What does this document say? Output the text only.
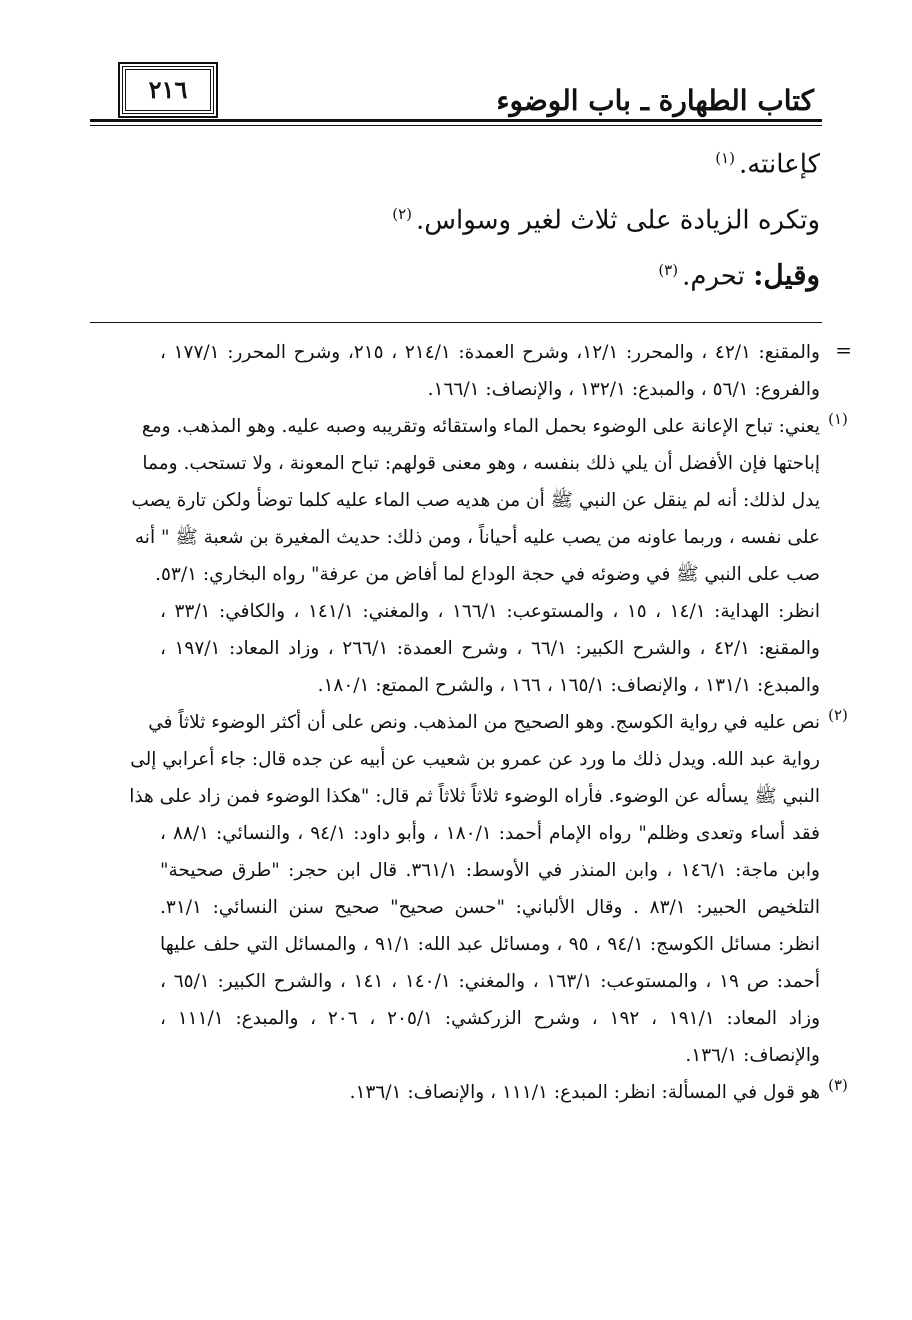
٢١٦	كتاب الطهارة ـ باب الوضوء
كإعانته.$^{(١)}$
وتكره الزيادة على ثلاث لغير وسواس.$^{(٢)}$
وقيل: تحرم.$^{(٣)}$
=
والمقنع: ٤٢/١ ، والمحرر: ١٢/١، وشرح العمدة: ٢١٤/١ ، ٢١٥، وشرح المحرر: ١٧٧/١ ،
والفروع: ٥٦/١ ، والمبدع: ١٣٢/١ ، والإنصاف: ١٦٦/١.
(١)
يعني: تباح الإعانة على الوضوء بحمل الماء واستقائه وتقريبه وصبه عليه. وهو المذهب. ومع
إباحتها فإن الأفضل أن يلي ذلك بنفسه ، وهو معنى قولهم: تباح المعونة ، ولا تستحب. ومما
يدل لذلك: أنه لم ينقل عن النبي ﷺ أن من هديه صب الماء عليه كلما توضأ ولكن تارة يصب
على نفسه ، وربما عاونه من يصب عليه أحياناً ، ومن ذلك: حديث المغيرة بن شعبة ﷺ " أنه
صب على النبي ﷺ في وضوئه في حجة الوداع لما أفاض من عرفة" رواه البخاري: ٥٣/١.
انظر: الهداية: ١٤/١ ، ١٥ ، والمستوعب: ١٦٦/١ ، والمغني: ١٤١/١ ، والكافي: ٣٣/١ ،
والمقنع: ٤٢/١ ، والشرح الكبير: ٦٦/١ ، وشرح العمدة: ٢٦٦/١ ، وزاد المعاد: ١٩٧/١ ،
والمبدع: ١٣١/١ ، والإنصاف: ١٦٥/١ ، ١٦٦ ، والشرح الممتع: ١٨٠/١.
(٢)
نص عليه في رواية الكوسج. وهو الصحيح من المذهب. ونص على أن أكثر الوضوء ثلاثاً في
رواية عبد الله. ويدل ذلك ما ورد عن عمرو بن شعيب عن أبيه عن جده قال: جاء أعرابي إلى
النبي ﷺ يسأله عن الوضوء. فأراه الوضوء ثلاثاً ثلاثاً ثم قال: "هكذا الوضوء فمن زاد على هذا
فقد أساء وتعدى وظلم" رواه الإمام أحمد: ١٨٠/١ ، وأبو داود: ٩٤/١ ، والنسائي: ٨٨/١ ،
وابن ماجة: ١٤٦/١ ، وابن المنذر في الأوسط: ٣٦١/١. قال ابن حجر: "طرق صحيحة"
التلخيص الحبير: ٨٣/١ . وقال الألباني: "حسن صحيح" صحيح سنن النسائي: ٣١/١.
انظر: مسائل الكوسج: ٩٤/١ ، ٩٥ ، ومسائل عبد الله: ٩١/١ ، والمسائل التي حلف عليها
أحمد: ص ١٩ ، والمستوعب: ١٦٣/١ ، والمغني: ١٤٠/١ ، ١٤١ ، والشرح الكبير: ٦٥/١ ،
وزاد المعاد: ١٩١/١ ، ١٩٢ ، وشرح الزركشي: ٢٠٥/١ ، ٢٠٦ ، والمبدع: ١١١/١ ،
والإنصاف: ١٣٦/١.
(٣)
هو قول في المسألة: انظر: المبدع: ١١١/١ ، والإنصاف: ١٣٦/١.
